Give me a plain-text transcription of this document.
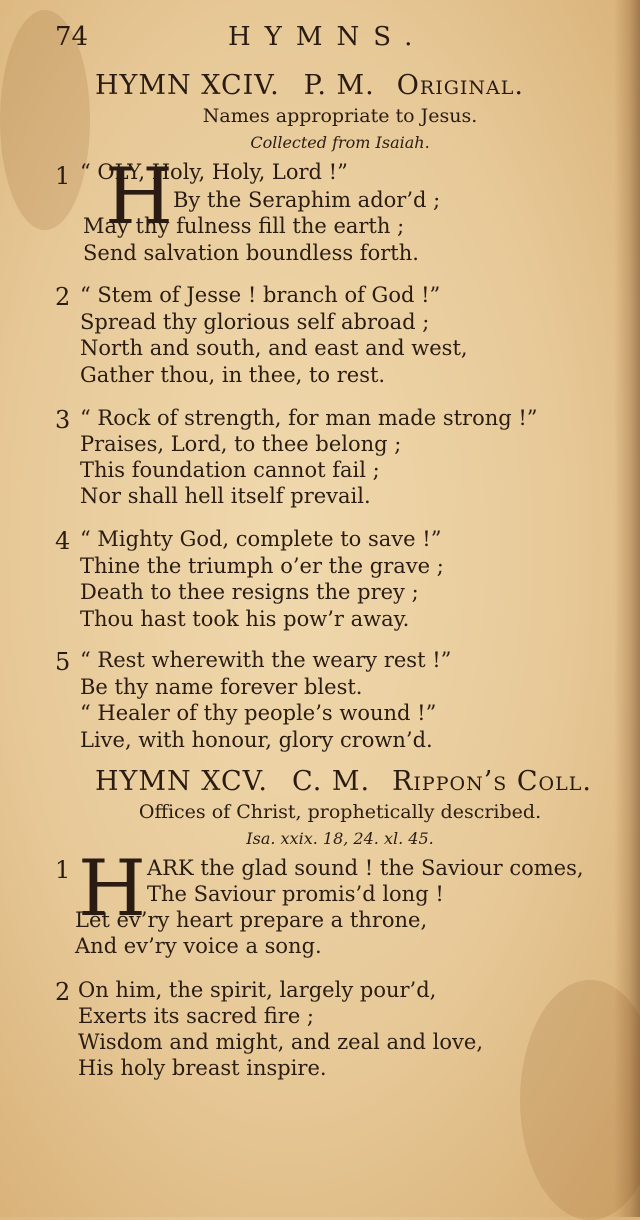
74	HYMNS.
HYMN XCIV. P. M. Original.
Names appropriate to Jesus.
Collected from Isaiah.
1 H
“ OLY, Holy, Holy, Lord !”
By the Seraphim ador’d ;
May thy fulness fill the earth ;
Send salvation boundless forth.
2 “ Stem of Jesse ! branch of God !”
Spread thy glorious self abroad ;
North and south, and east and west,
Gather thou, in thee, to rest.
3 “ Rock of strength, for man made strong !”
Praises, Lord, to thee belong ;
This foundation cannot fail ;
Nor shall hell itself prevail.
4 “ Mighty God, complete to save !”
Thine the triumph o’er the grave ;
Death to thee resigns the prey ;
Thou hast took his pow’r away.
5 “ Rest wherewith the weary rest !”
Be thy name forever blest.
“ Healer of thy people’s wound !”
Live, with honour, glory crown’d.
HYMN XCV. C. M. Rippon’s Coll.
Offices of Christ, prophetically described.
Isa. xxix. 18, 24. xl. 45.
1 H ARK the glad sound ! the Saviour comes,
The Saviour promis’d long !
Let ev’ry heart prepare a throne,
And ev’ry voice a song.
2 On him, the spirit, largely pour’d,
Exerts its sacred fire ;
Wisdom and might, and zeal and love,
His holy breast inspire.
